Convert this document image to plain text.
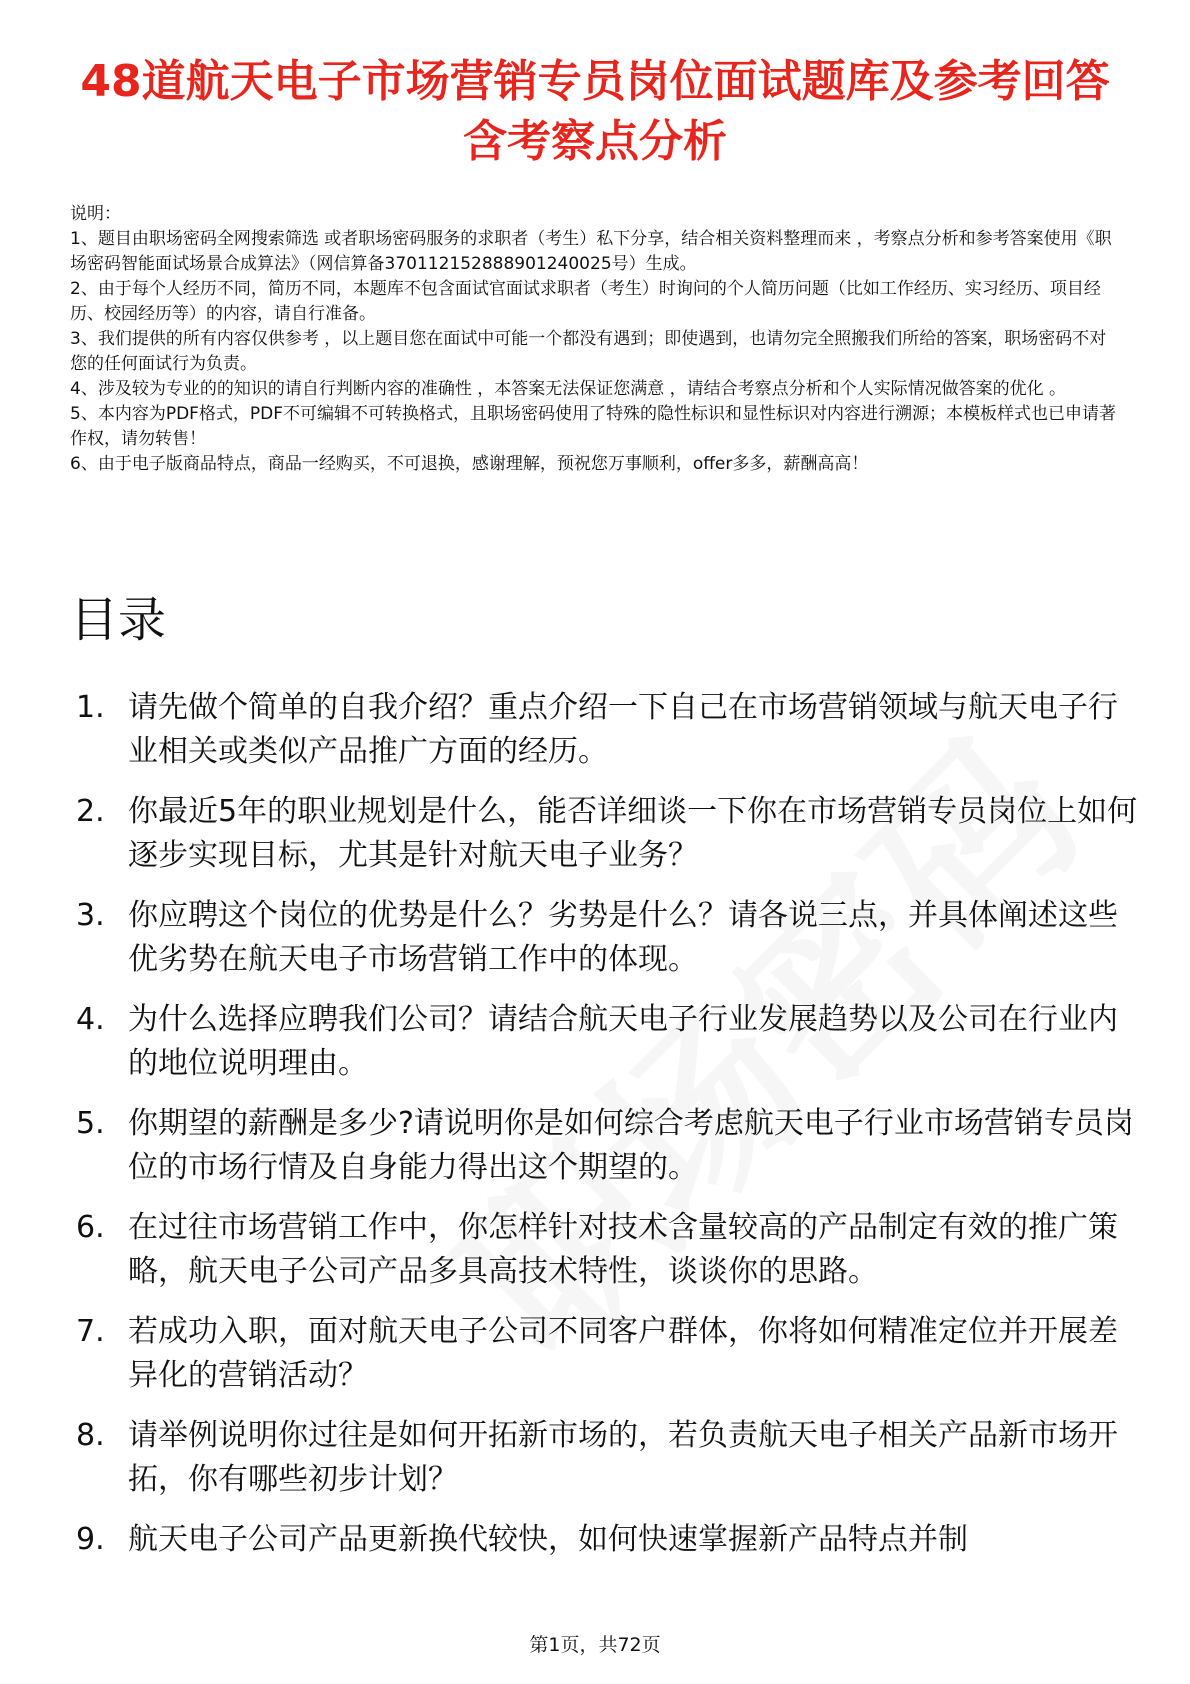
48道航天电子市场营销专员岗位面试题库及参考回答含考察点分析

说明：

1、题目由职场密码全网搜索筛选 或者职场密码服务的求职者（考生）私下分享，结合相关资料整理而来 ，考察点分析和参考答案使用《职场密码智能面试场景合成算法》（网信算备370112152888901240025号）生成。

2、由于每个人经历不同，简历不同，本题库不包含面试官面试求职者（考生）时询问的个人简历问题（比如工作经历、实习经历、项目经历、校园经历等）的内容，请自行准备。

3、我们提供的所有内容仅供参考 ，以上题目您在面试中可能一个都没有遇到；即使遇到，也请勿完全照搬我们所给的答案，职场密码不对您的任何面试行为负责。

4、涉及较为专业的的知识的请自行判断内容的准确性 ，本答案无法保证您满意 ，请结合考察点分析和个人实际情况做答案的优化 。

5、本内容为PDF格式，PDF不可编辑不可转换格式，且职场密码使用了特殊的隐性标识和显性标识对内容进行溯源；本模板样式也已申请著作权，请勿转售！

6、由于电子版商品特点，商品一经购买，不可退换，感谢理解，预祝您万事顺利，offer多多，薪酬高高！

目录
1. 请先做个简单的自我介绍？重点介绍一下自己在市场营销领域与航天电子行业相关或类似产品推广方面的经历。
2. 你最近5年的职业规划是什么，能否详细谈一下你在市场营销专员岗位上如何逐步实现目标，尤其是针对航天电子业务？
3. 你应聘这个岗位的优势是什么？劣势是什么？请各说三点，并具体阐述这些优劣势在航天电子市场营销工作中的体现。
4. 为什么选择应聘我们公司？请结合航天电子行业发展趋势以及公司在行业内的地位说明理由。
5. 你期望的薪酬是多少?请说明你是如何综合考虑航天电子行业市场营销专员岗位的市场行情及自身能力得出这个期望的。
6. 在过往市场营销工作中，你怎样针对技术含量较高的产品制定有效的推广策略，航天电子公司产品多具高技术特性，谈谈你的思路。
7. 若成功入职，面对航天电子公司不同客户群体，你将如何精准定位并开展差异化的营销活动？
8. 请举例说明你过往是如何开拓新市场的，若负责航天电子相关产品新市场开拓，你有哪些初步计划？
9. 航天电子公司产品更新换代较快，如何快速掌握新产品特点并制
第1页，共72页
